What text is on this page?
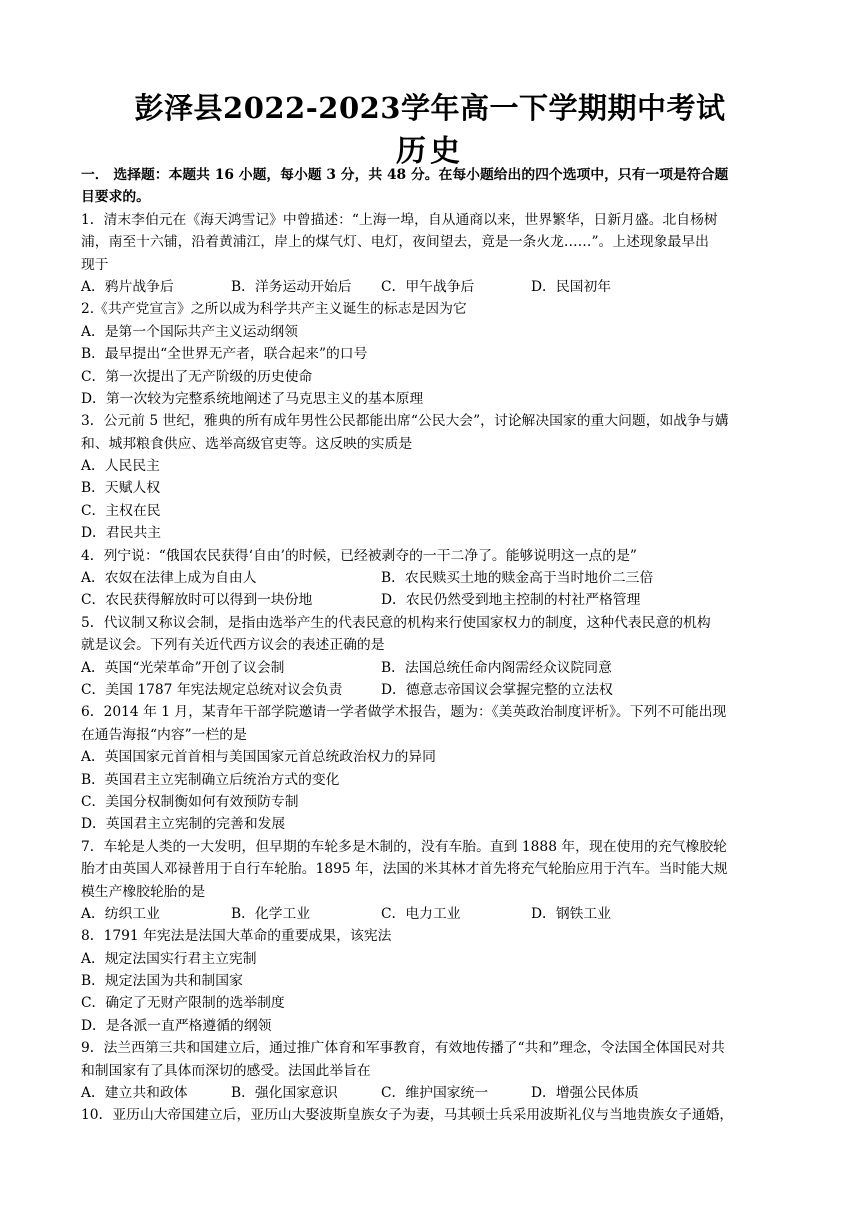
彭泽县2022-2023学年高一下学期期中考试
历史
一． 选择题：本题共 16 小题，每小题 3 分，共 48 分。在每小题给出的四个选项中，只有一项是符合题
目要求的。
1．清末李伯元在《海天鸿雪记》中曾描述：“上海一埠，自从通商以来，世界繁华，日新月盛。北自杨树
浦，南至十六铺，沿着黄浦江，岸上的煤气灯、电灯，夜间望去，竟是一条火龙……”。上述现象最早出
现于
A．鸦片战争后	B．洋务运动开始后 C．甲午战争后	D．民国初年
2.《共产党宣言》之所以成为科学共产主义诞生的标志是因为它
A．是第一个国际共产主义运动纲领
B．最早提出“全世界无产者，联合起来”的口号
C．第一次提出了无产阶级的历史使命
D．第一次较为完整系统地阐述了马克思主义的基本原理
3．公元前 5 世纪，雅典的所有成年男性公民都能出席“公民大会”，讨论解决国家的重大问题，如战争与媾
和、城邦粮食供应、选举高级官吏等。这反映的实质是
A．人民民主
B．天赋人权
C．主权在民
D．君民共主
4．列宁说：“俄国农民获得‘自由’的时候，已经被剥夺的一干二净了。能够说明这一点的是”
A．农奴在法律上成为自由人	B．农民赎买土地的赎金高于当时地价二三倍
C．农民获得解放时可以得到一块份地	D．农民仍然受到地主控制的村社严格管理
5．代议制又称议会制，是指由选举产生的代表民意的机构来行使国家权力的制度，这种代表民意的机构
就是议会。下列有关近代西方议会的表述正确的是
A．英国“光荣革命”开创了议会制	B．法国总统任命内阁需经众议院同意
C．美国 1787 年宪法规定总统对议会负责	D．德意志帝国议会掌握完整的立法权
6．2014 年 1 月，某青年干部学院邀请一学者做学术报告，题为：《美英政治制度评析》。下列不可能出现
在通告海报“内容”一栏的是
A．英国国家元首首相与美国国家元首总统政治权力的异同
B．英国君主立宪制确立后统治方式的变化
C．美国分权制衡如何有效预防专制
D．英国君主立宪制的完善和发展
7．车轮是人类的一大发明，但早期的车轮多是木制的，没有车胎。直到 1888 年，现在使用的充气橡胶轮
胎才由英国人邓禄普用于自行车轮胎。1895 年，法国的米其林才首先将充气轮胎应用于汽车。当时能大规
模生产橡胶轮胎的是
A．纺织工业	B．化学工业	C．电力工业	D．钢铁工业
8．1791 年宪法是法国大革命的重要成果，该宪法
A．规定法国实行君主立宪制
B．规定法国为共和制国家
C．确定了无财产限制的选举制度
D．是各派一直严格遵循的纲领
9．法兰西第三共和国建立后，通过推广体育和军事教育，有效地传播了“共和”理念，令法国全体国民对共
和制国家有了具体而深切的感受。法国此举旨在
A．建立共和政体	B．强化国家意识	C．维护国家统一	D．增强公民体质
10．亚历山大帝国建立后，亚历山大娶波斯皇族女子为妻，马其顿士兵采用波斯礼仪与当地贵族女子通婚，
